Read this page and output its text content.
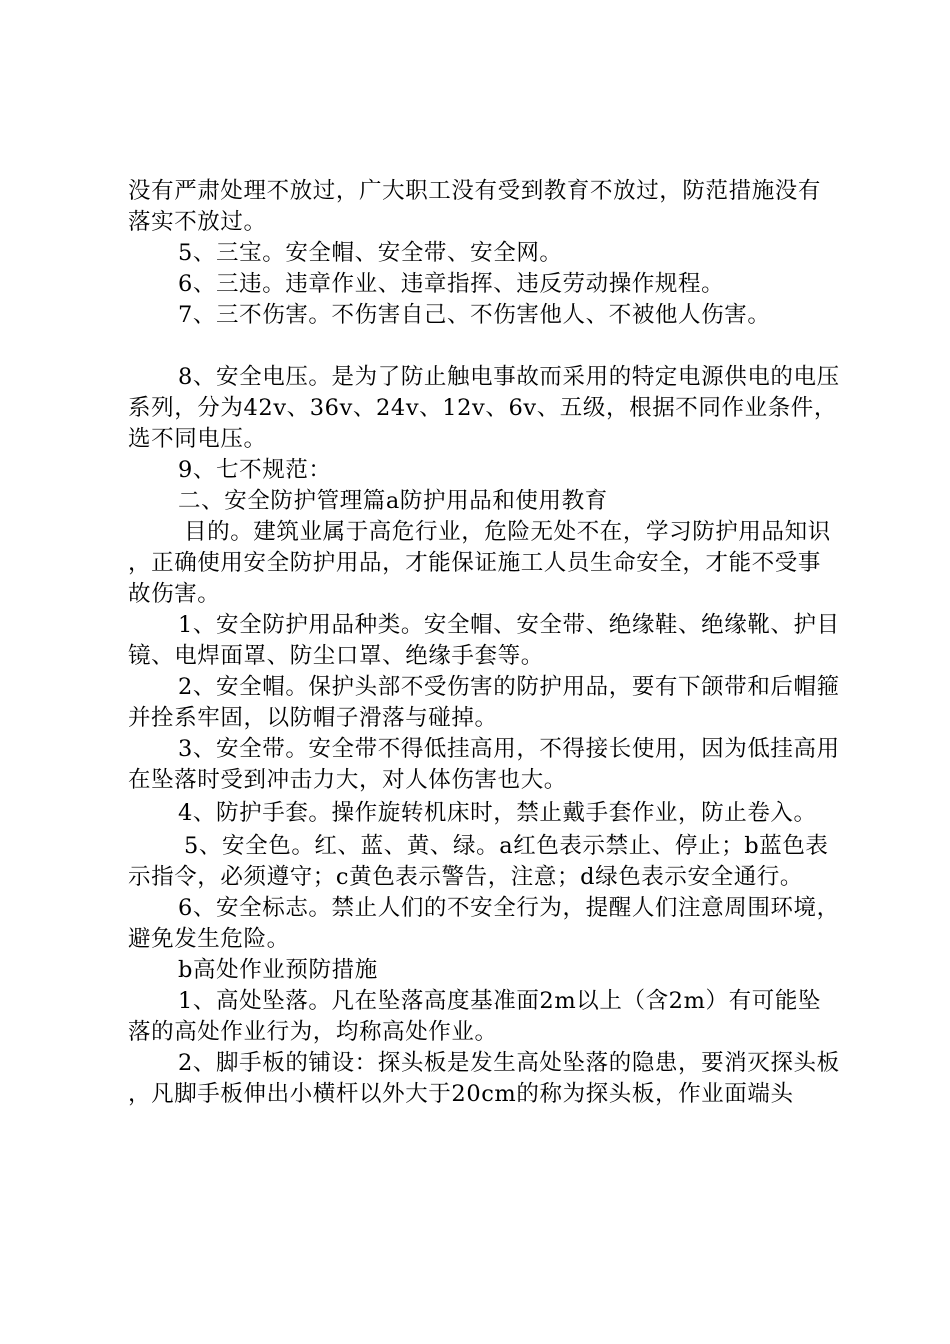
没有严肃处理不放过，广大职工没有受到教育不放过，防范措施没有落实不放过。

5、三宝。安全帽、安全带、安全网。

6、三违。违章作业、违章指挥、违反劳动操作规程。

7、三不伤害。不伤害自己、不伤害他人、不被他人伤害。

8、安全电压。是为了防止触电事故而采用的特定电源供电的电压系列，分为42v、36v、24v、12v、6v、五级，根据不同作业条件，选不同电压。

9、七不规范：

二、安全防护管理篇a防护用品和使用教育

目的。建筑业属于高危行业，危险无处不在，学习防护用品知识，正确使用安全防护用品，才能保证施工人员生命安全，才能不受事故伤害。

1、安全防护用品种类。安全帽、安全带、绝缘鞋、绝缘靴、护目镜、电焊面罩、防尘口罩、绝缘手套等。

2、安全帽。保护头部不受伤害的防护用品，要有下颌带和后帽箍并拴系牢固，以防帽子滑落与碰掉。

3、安全带。安全带不得低挂高用，不得接长使用，因为低挂高用在坠落时受到冲击力大，对人体伤害也大。

4、防护手套。操作旋转机床时，禁止戴手套作业，防止卷入。

5、安全色。红、蓝、黄、绿。a红色表示禁止、停止；b蓝色表示指令，必须遵守；c黄色表示警告，注意；d绿色表示安全通行。

6、安全标志。禁止人们的不安全行为，提醒人们注意周围环境，避免发生危险。

b高处作业预防措施

1、高处坠落。凡在坠落高度基准面2m以上（含2m）有可能坠落的高处作业行为，均称高处作业。

2、脚手板的铺设：探头板是发生高处坠落的隐患，要消灭探头板，凡脚手板伸出小横杆以外大于20cm的称为探头板，作业面端头
